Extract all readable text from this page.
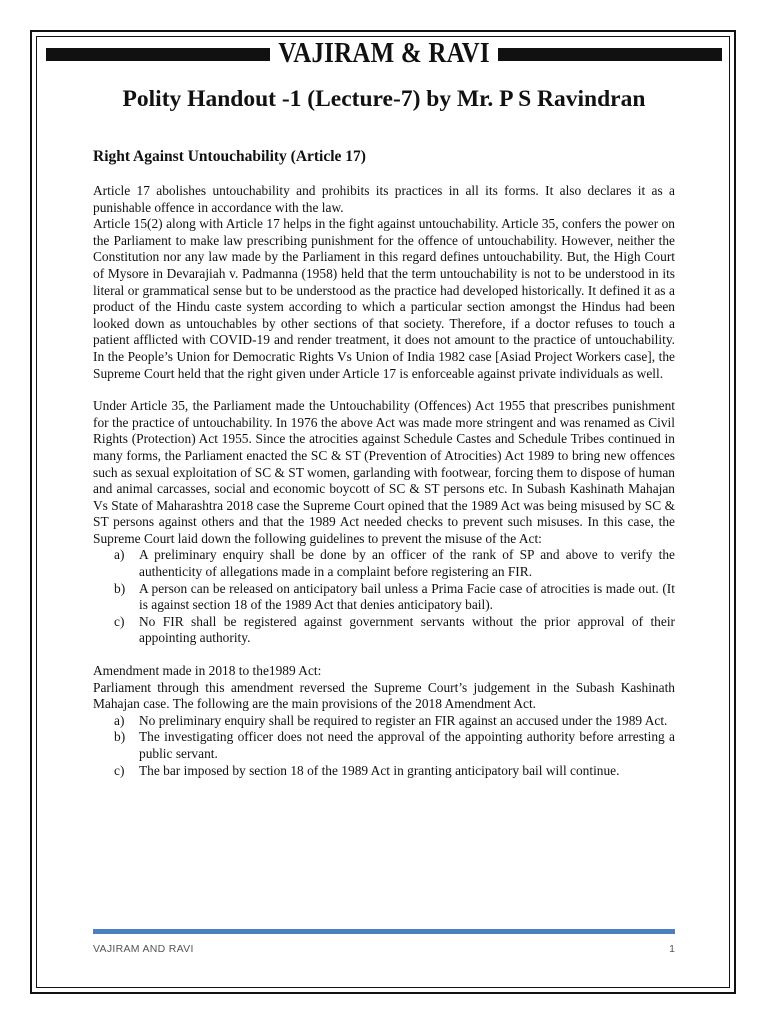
VAJIRAM & RAVI
Polity Handout -1 (Lecture-7) by Mr. P S Ravindran
Right Against Untouchability (Article 17)

Article 17 abolishes untouchability and prohibits its practices in all its forms. It also declares it as a punishable offence in accordance with the law.

Article 15(2) along with Article 17 helps in the fight against untouchability. Article 35, confers the power on the Parliament to make law prescribing punishment for the offence of untouchability. However, neither the Constitution nor any law made by the Parliament in this regard defines untouchability. But, the High Court of Mysore in Devarajiah v. Padmanna (1958) held that the term untouchability is not to be understood in its literal or grammatical sense but to be understood as the practice had developed historically. It defined it as a product of the Hindu caste system according to which a particular section amongst the Hindus had been looked down as untouchables by other sections of that society. Therefore, if a doctor refuses to touch a patient afflicted with COVID-19 and render treatment, it does not amount to the practice of untouchability. In the People’s Union for Democratic Rights Vs Union of India 1982 case [Asiad Project Workers case], the Supreme Court held that the right given under Article 17 is enforceable against private individuals as well.

Under Article 35, the Parliament made the Untouchability (Offences) Act 1955 that prescribes punishment for the practice of untouchability. In 1976 the above Act was made more stringent and was renamed as Civil Rights (Protection) Act 1955. Since the atrocities against Schedule Castes and Schedule Tribes continued in many forms, the Parliament enacted the SC & ST (Prevention of Atrocities) Act 1989 to bring new offences such as sexual exploitation of SC & ST women, garlanding with footwear, forcing them to dispose of human and animal carcasses, social and economic boycott of SC & ST persons etc. In Subash Kashinath Mahajan Vs State of Maharashtra 2018 case the Supreme Court opined that the 1989 Act was being misused by SC & ST persons against others and that the 1989 Act needed checks to prevent such misuses. In this case, the Supreme Court laid down the following guidelines to prevent the misuse of the Act:

a) A preliminary enquiry shall be done by an officer of the rank of SP and above to verify the authenticity of allegations made in a complaint before registering an FIR.
b) A person can be released on anticipatory bail unless a Prima Facie case of atrocities is made out. (It is against section 18 of the 1989 Act that denies anticipatory bail).
c) No FIR shall be registered against government servants without the prior approval of their appointing authority.

Amendment made in 2018 to the1989 Act:

Parliament through this amendment reversed the Supreme Court’s judgement in the Subash Kashinath Mahajan case. The following are the main provisions of the 2018 Amendment Act.

a) No preliminary enquiry shall be required to register an FIR against an accused under the 1989 Act.
b) The investigating officer does not need the approval of the appointing authority before arresting a public servant.
c) The bar imposed by section 18 of the 1989 Act in granting anticipatory bail will continue.
VAJIRAM AND RAVI	1
